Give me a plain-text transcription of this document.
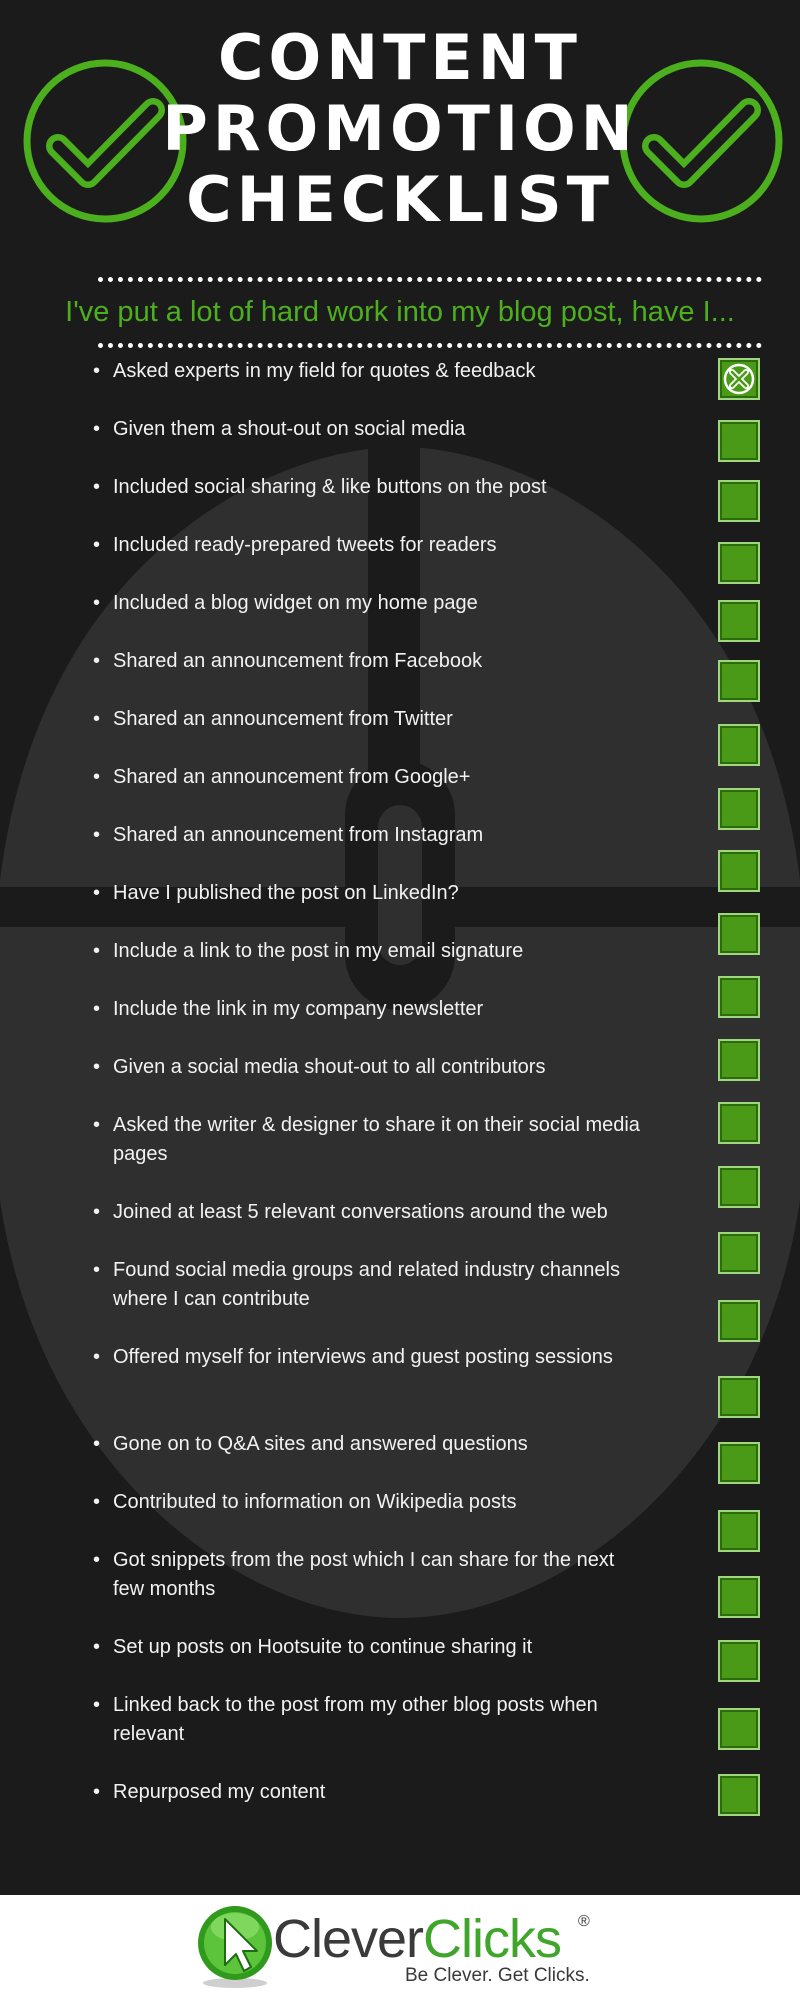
CONTENT
PROMOTION
CHECKLIST
I've put a lot of hard work into my blog post, have I...
• Asked experts in my field for quotes & feedback
• Given them a shout-out on social media
• Included social sharing & like buttons on the post
• Included ready-prepared tweets for readers
• Included a blog widget on my home page
• Shared an announcement from Facebook
• Shared an announcement from Twitter
• Shared an announcement from Google+
• Shared an announcement from Instagram
• Have I published the post on LinkedIn?
• Include a link to the post in my email signature
• Include the link in my company newsletter
• Given a social media shout-out to all contributors
• Asked the writer & designer to share it on their social media pages
• Joined at least 5 relevant conversations around the web
• Found social media groups and related industry channels where I can contribute
• Offered myself for interviews and guest posting sessions
• Gone on to Q&A sites and answered questions
• Contributed to information on Wikipedia posts
• Got snippets from the post which I can share for the next few months
• Set up posts on Hootsuite to continue sharing it
• Linked back to the post from my other blog posts when relevant
• Repurposed my content
CleverClicks ®
Be Clever. Get Clicks.
